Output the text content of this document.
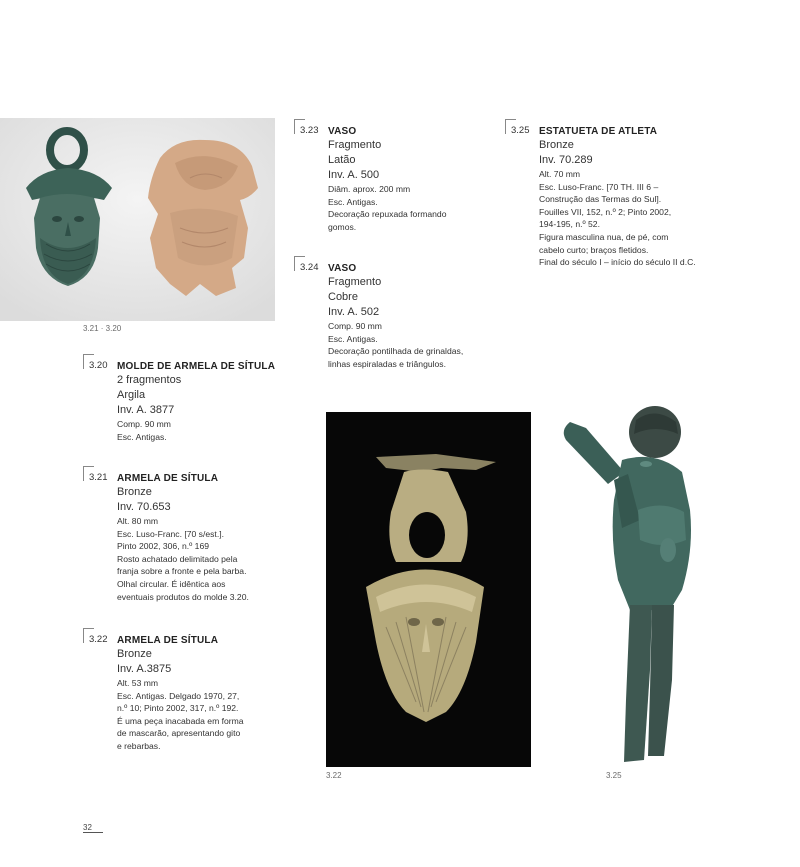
3.21 · 3.20
3.22	3.25
3.20 MOLDE DE ARMELA DE SÍTULA
2 fragmentos
Argila
Inv. A. 3877
Comp. 90 mm
Esc. Antigas.
3.21 ARMELA DE SÍTULA
Bronze
Inv. 70.653
Alt. 80 mm
Esc. Luso-Franc. [70 s/est.].
Pinto 2002, 306, n.º 169
Rosto achatado delimitado pela
franja sobre a fronte e pela barba.
Olhal circular. É idêntica aos
eventuais produtos do molde 3.20.
3.22 ARMELA DE SÍTULA
Bronze
Inv. A.3875
Alt. 53 mm
Esc. Antigas. Delgado 1970, 27,
n.º 10; Pinto 2002, 317, n.º 192.
É uma peça inacabada em forma
de mascarão, apresentando gito
e rebarbas.
3.23 VASO
Fragmento
Latão
Inv. A. 500
Diâm. aprox. 200 mm
Esc. Antigas.
Decoração repuxada formando
gomos.
3.24 VASO
Fragmento
Cobre
Inv. A. 502
Comp. 90 mm
Esc. Antigas.
Decoração pontilhada de grinaldas,
linhas espiraladas e triângulos.
3.25 ESTATUETA DE ATLETA
Bronze
Inv. 70.289
Alt. 70 mm
Esc. Luso-Franc. [70 TH. III 6 –
Construção das Termas do Sul].
Fouilles VII, 152, n.º 2; Pinto 2002,
194-195, n.º 52.
Figura masculina nua, de pé, com
cabelo curto; braços fletidos.
Final do século I – início do século II d.C.
32
